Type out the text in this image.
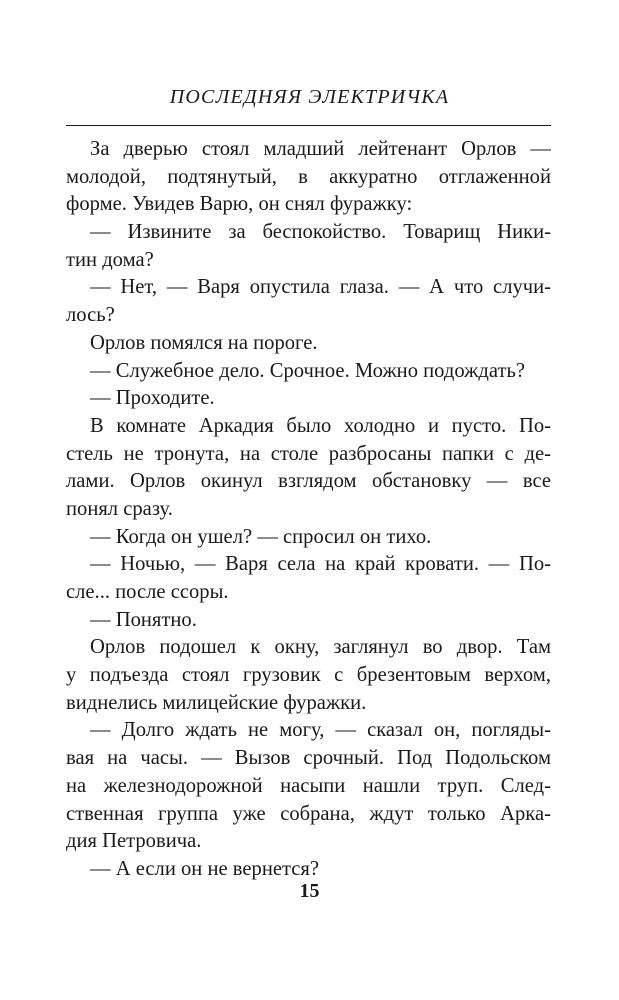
ПОСЛЕДНЯЯ ЭЛЕКТРИЧКА
За дверью стоял младший лейтенант Орлов —
молодой, подтянутый, в аккуратно отглаженной
форме. Увидев Варю, он снял фуражку:
— Извините за беспокойство. Товарищ Ники-
тин дома?
— Нет, — Варя опустила глаза. — А что случи-
лось?
Орлов помялся на пороге.
— Служебное дело. Срочное. Можно подождать?
— Проходите.
В комнате Аркадия было холодно и пусто. По-
стель не тронута, на столе разбросаны папки с де-
лами. Орлов окинул взглядом обстановку — все
понял сразу.
— Когда он ушел? — спросил он тихо.
— Ночью, — Варя села на край кровати. — По-
сле... после ссоры.
— Понятно.
Орлов подошел к окну, заглянул во двор. Там
у подъезда стоял грузовик с брезентовым верхом,
виднелись милицейские фуражки.
— Долго ждать не могу, — сказал он, погляды-
вая на часы. — Вызов срочный. Под Подольском
на железнодорожной насыпи нашли труп. След-
ственная группа уже собрана, ждут только Арка-
дия Петровича.
— А если он не вернется?
15
